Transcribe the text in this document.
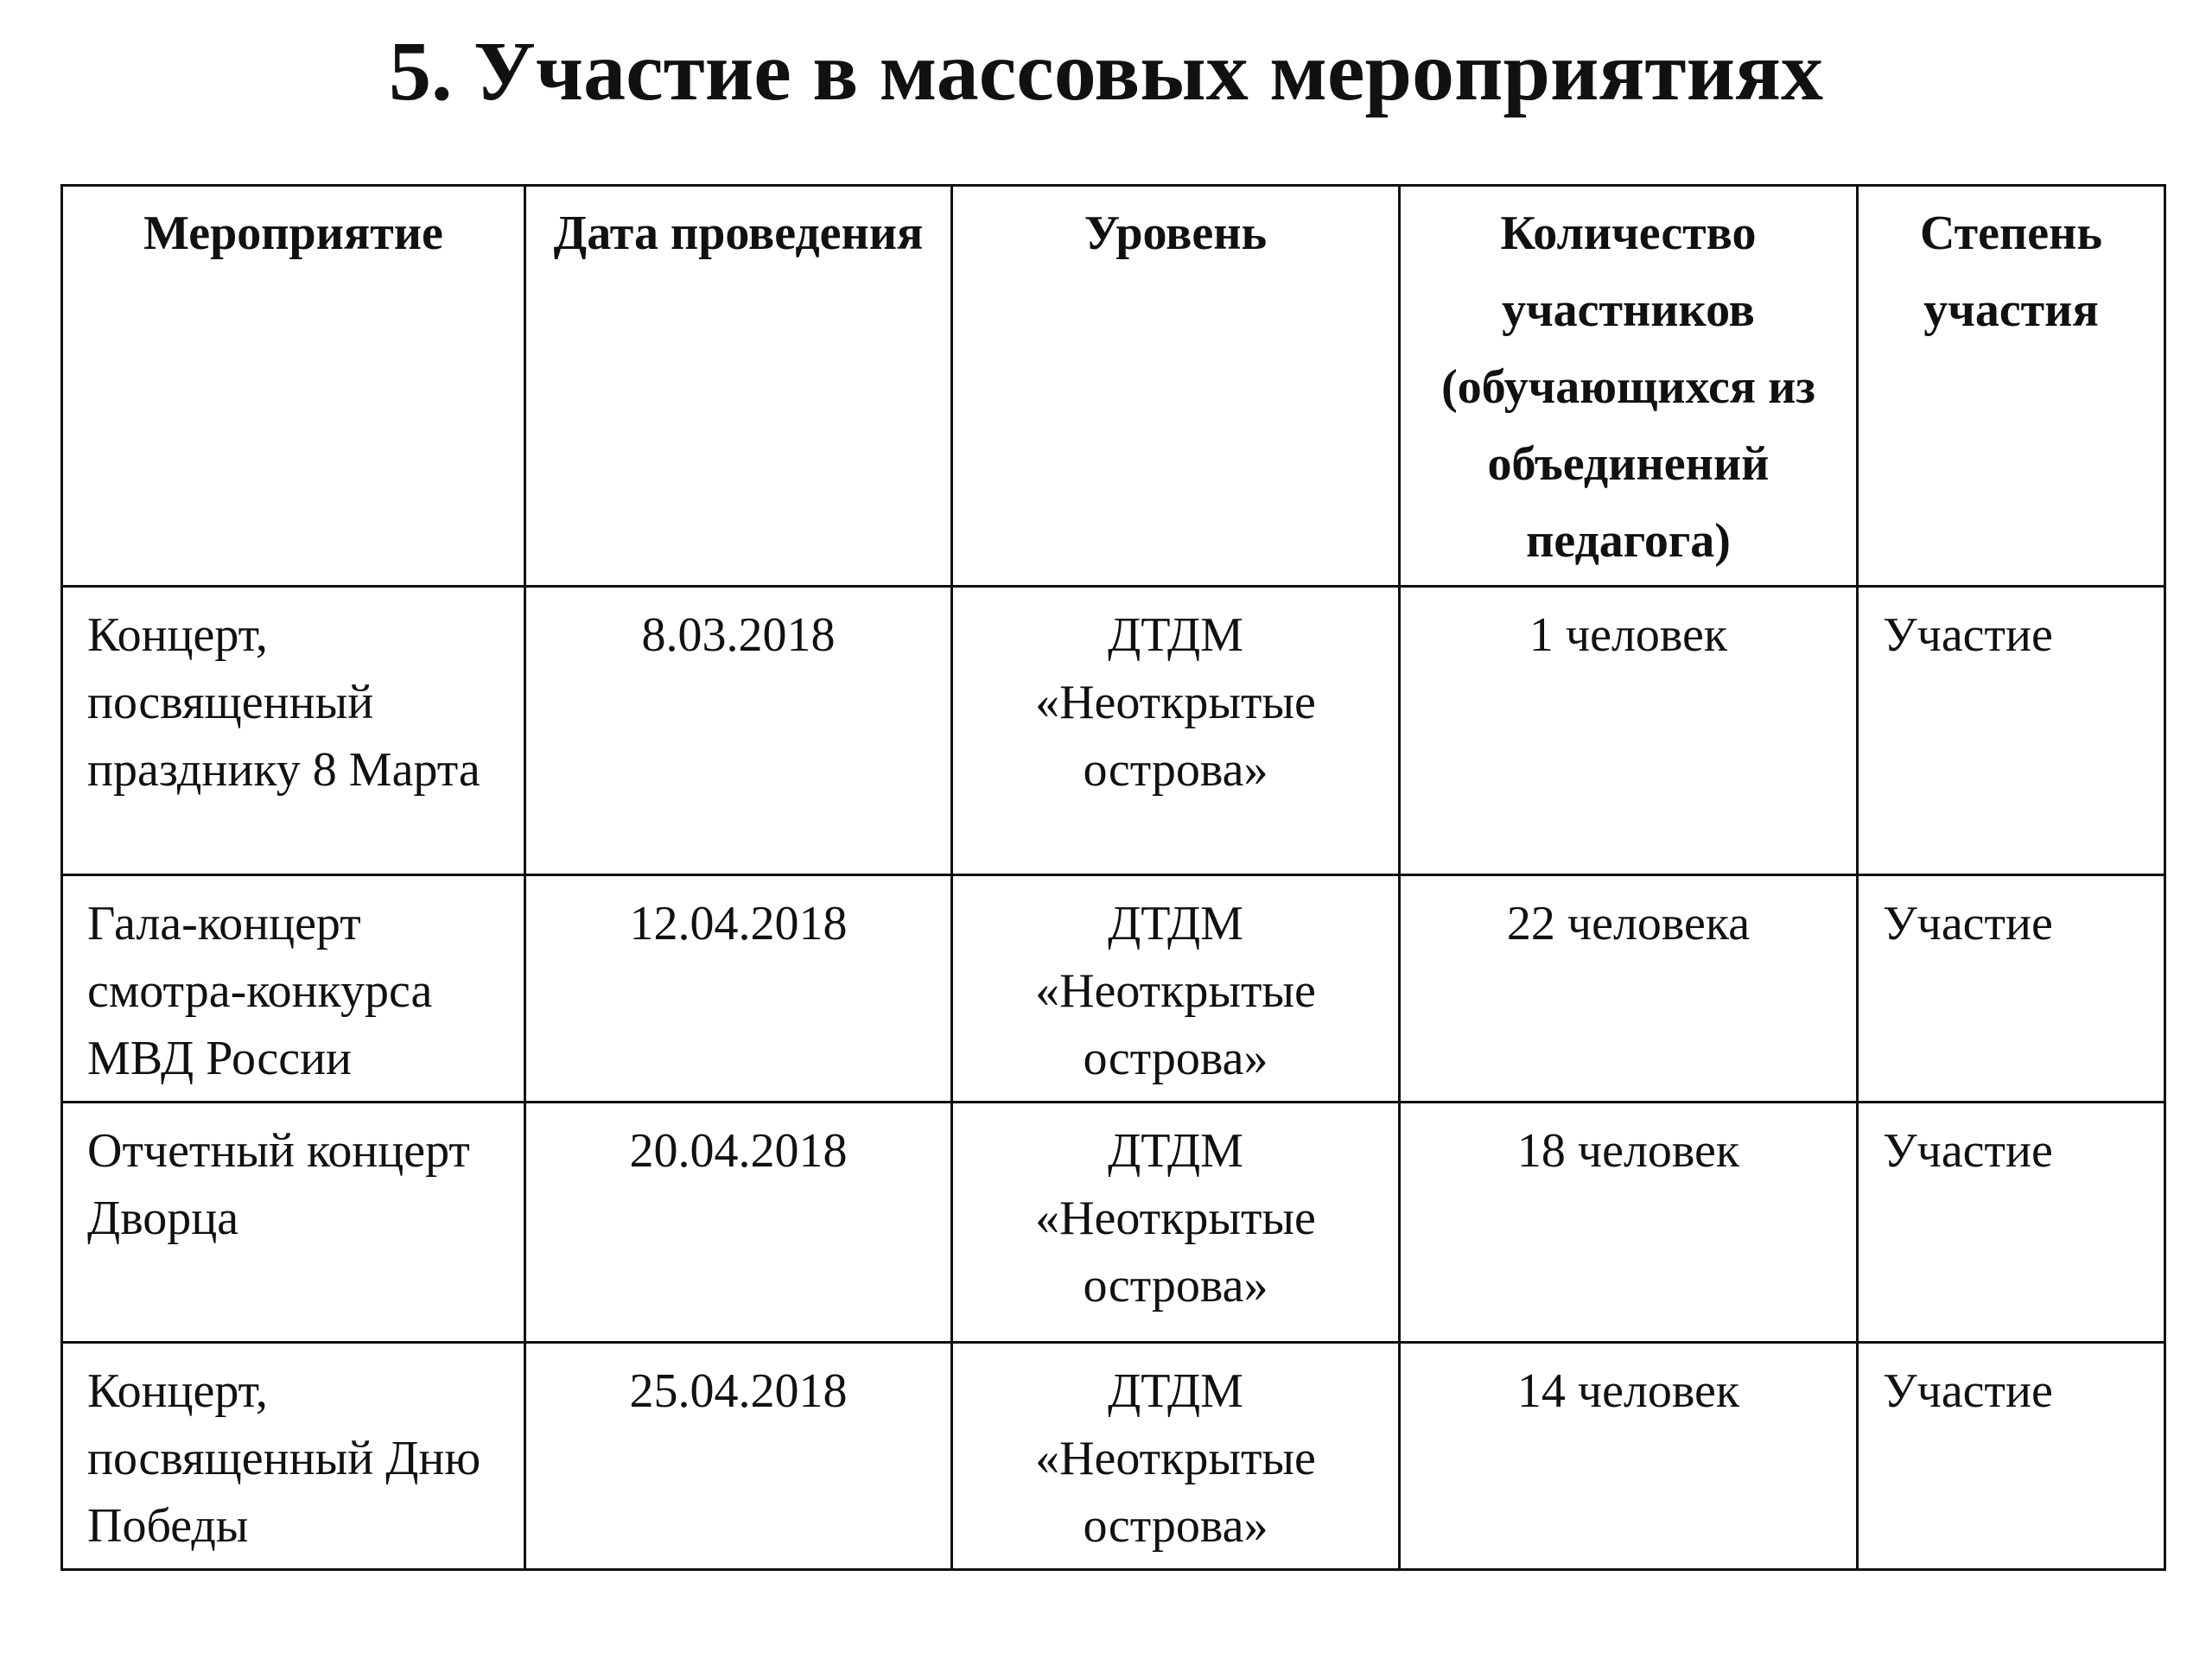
5. Участие в массовых мероприятиях
Мероприятие	Дата проведения	Уровень	Количество участников (обучающихся из объединений педагога)	Степень участия
Концерт, посвященный празднику 8 Марта	8.03.2018	ДТДМ «Неоткрытые острова»	1 человек	Участие
Гала-концерт смотра-конкурса МВД России	12.04.2018	ДТДМ «Неоткрытые острова»	22 человека	Участие
Отчетный концерт Дворца	20.04.2018	ДТДМ «Неоткрытые острова»	18 человек	Участие
Концерт, посвященный Дню Победы	25.04.2018	ДТДМ «Неоткрытые острова»	14 человек	Участие
